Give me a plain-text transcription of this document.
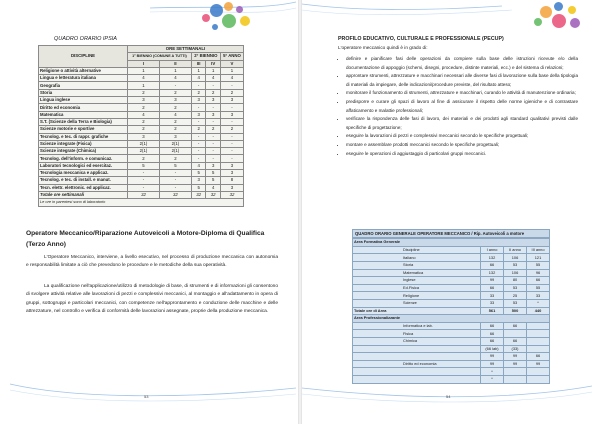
QUADRO ORARIO IPSIA
DISCIPLINE	ORE SETTIMANALI				
	1° BIENNIO (COMUNE A TUTTI)		2° BIENNIO		5° ANNO
	I	II	III	IV	V
Religione o attività alternative	1	1	1	1	1
Lingua e letteratura italiana	4	4	4	4	4
Geografia	1	-	-	-	-
Storia	2	2	2	2	2
Lingua inglese	3	3	3	3	3
Diritto ed economia	2	2	-	-	-
Matematica	4	4	3	3	3
S.T. (Scienze della Terra e Biologia)	2	2	-	-	-
Scienze motorie e sportive	2	2	2	2	2
Tecnolog. e tec. di rappr. grafiche	3	3	-	-	-
Scienze integrate (Fisica)	2(1)	2(1)	-	-	-
Scienze integrate (Chimica)	2(1)	2(1)	-	-	-
Tecnolog. dell'inform. e comunicaz.	2	2	-	-	-
Laboratori tecnologici ed esercitaz.	5	5	4	3	3
Tecnologia meccanica e applicaz.	-	-	5	5	3
Tecnolog. e tec. di install. e manut.	-	-	3	5	8
Tecn. elettr. elettronic. ed applicaz.	-	-	5	4	3
Totale ore settimanali	32	32	32	32	32
Le ore in parentesi sono di laboratorio					
Operatore Meccanico/Riparazione Autoveicoli a Motore-Diploma di Qualifica (Terzo Anno)
L'Operatore Meccanico, interviene, a livello esecutivo, nel processo di produzione meccanica con autonomia e responsabilità limitate a ciò che prevedono le procedure e le metodiche della sua operatività.
La qualificazione nell'applicazione/utilizzo di metodologie di base, di strumenti e di informazioni gli consentono di svolgere attività relative alle lavorazioni di pezzi e complessivi meccanici, al montaggio e all'adattamento in opera di gruppi, sottogruppi e particolari meccanici, con competenze nell'approntamento e conduzione delle macchine e delle attrezzature, nel controllo e verifica di conformità delle lavorazioni assegnate, proprie della produzione meccanica.
53
PROFILO EDUCATIVO, CULTURALE E PROFESSIONALE (PECUP)
L'operatore meccanico quindi è in grado di:
• definire e pianificare fasi delle operazioni da compiere sulla base delle istruzioni ricevute e/o della documentazione di appoggio (schemi, disegni, procedure, distinte materiali, ecc.) e del sistema di relazioni;
• approntare strumenti, attrezzature e macchinari necessari alle diverse fasi di lavorazione sulla base della tipologia di materiali da impiegare, delle indicazioni/procedure previste, del risultato atteso;
• monitorare il funzionamento di strumenti, attrezzature e macchinari, curando le attività di manutenzione ordinaria;
• predisporre e curare gli spazi di lavoro al fine di assicurare il rispetto delle norme igieniche e di contrastare affaticamento e malattie professionali;
• verificare la rispondenza delle fasi di lavoro, dei materiali e dei prodotti agli standard qualitativi previsti dalle specifiche di progettazione;
• eseguire la lavorazioni di pezzi e complessivi meccanici secondo le specifiche progettuali;
• montare e assemblare prodotti meccanici secondo le specifiche progettuali;
• eseguire le operazioni di aggiustaggio di particolari gruppi meccanici.
QUADRO ORARIO GENERALE OPERATORE MECCANICO / Rip. Autoveicoli a motore
Area Formativa Generale			
Discipline	I anno	II anno	III anno
Italiano	132	106	121
Storia	66	53	55
Matematica	132	106	96
Inglese	99	80	66
Ed.Fisica	66	53	55
Religione	33	25	33
Scienze	33	53	*
Totale ore di Area	561	500	440
Area Professionalizzante			
Informatica e lab.	66	66	
Fisica	66		
Chimica	66	66	
	(66 lab)	(33)	
	99	99	66
Diritto ed economia	99	99	99
	*		
	*		
54
